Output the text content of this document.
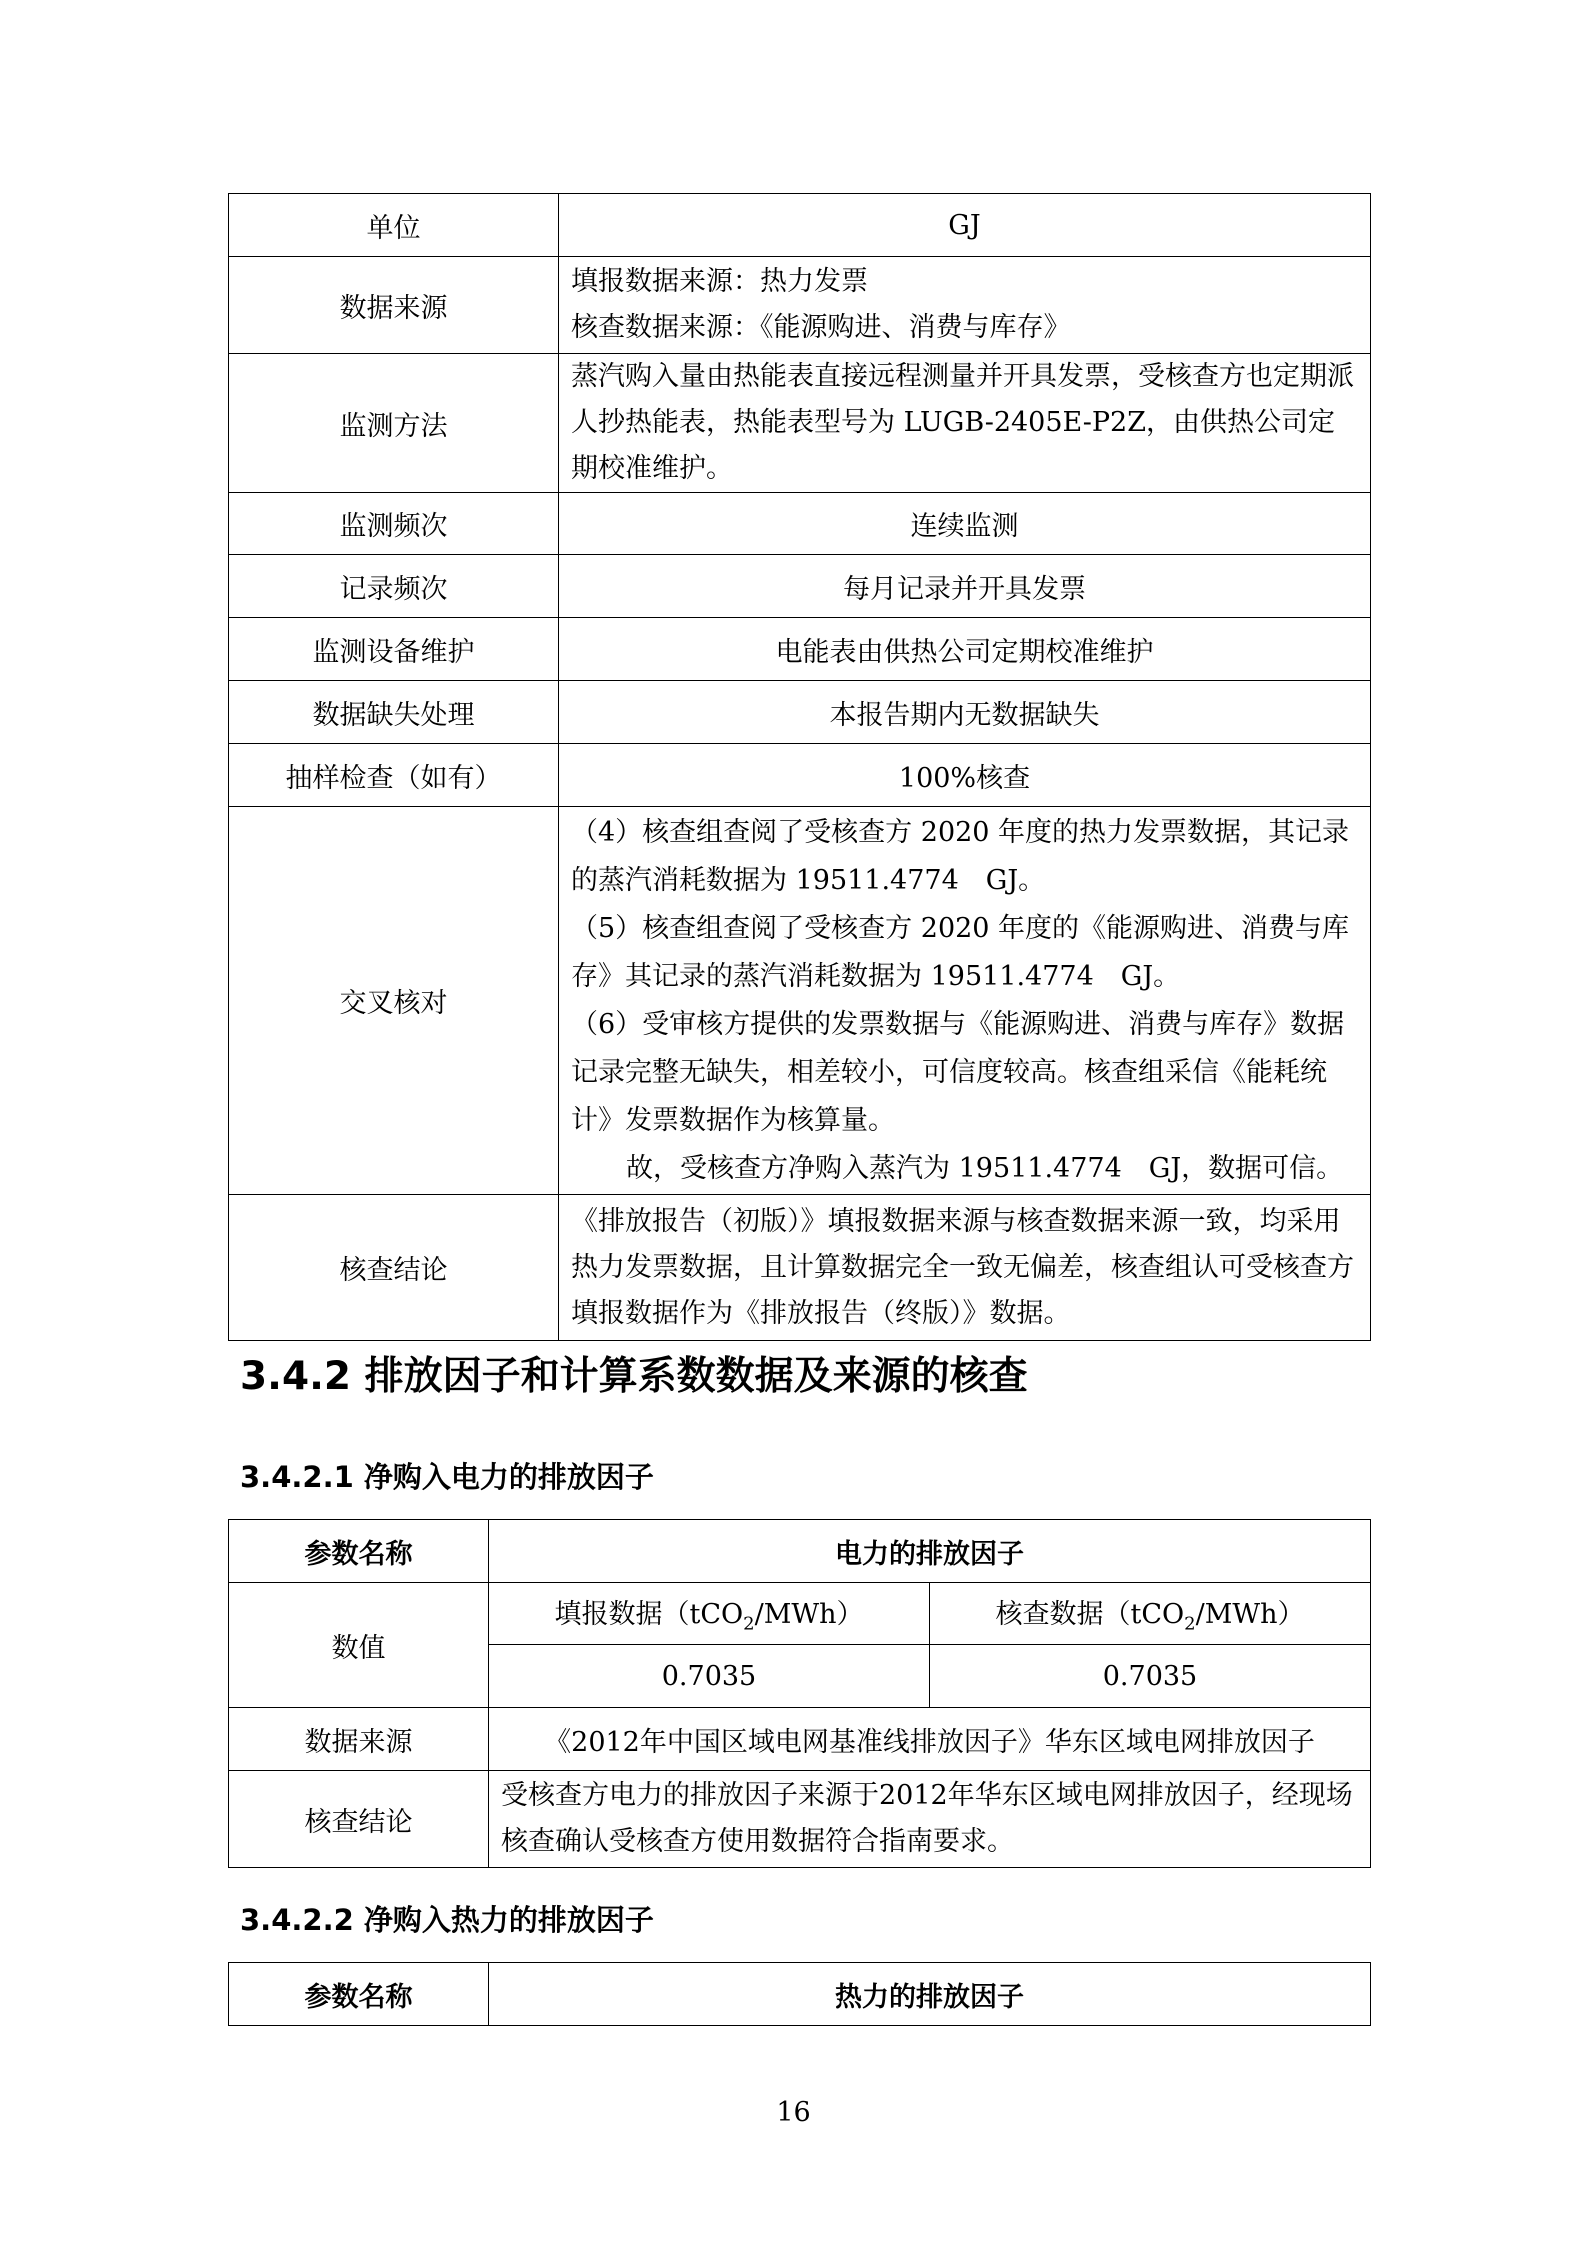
单位	GJ
数据来源	填报数据来源：热力发票

核查数据来源：《能源购进、消费与库存》

监测方法	蒸汽购入量由热能表直接远程测量并开具发票，受核查方也定期派人抄热能表，热能表型号为 LUGB-2405E-P2Z，由供热公司定期校准维护。
监测频次	连续监测
记录频次	每月记录并开具发票
监测设备维护	电能表由供热公司定期校准维护
数据缺失处理	本报告期内无数据缺失
抽样检查（如有）	100%核查
交叉核对	（4）核查组查阅了受核查方 2020 年度的热力发票数据，其记录的蒸汽消耗数据为 19511.4774　GJ。

（5）核查组查阅了受核查方 2020 年度的《能源购进、消费与库存》其记录的蒸汽消耗数据为 19511.4774　GJ。

（6）受审核方提供的发票数据与《能源购进、消费与库存》数据记录完整无缺失，相差较小，可信度较高。核查组采信《能耗统计》发票数据作为核算量。

故，受核查方净购入蒸汽为 19511.4774　GJ，数据可信。

核查结论	《排放报告（初版）》填报数据来源与核查数据来源一致，均采用热力发票数据，且计算数据完全一致无偏差，核查组认可受核查方填报数据作为《排放报告（终版）》数据。
3.4.2 排放因子和计算系数数据及来源的核查
3.4.2.1 净购入电力的排放因子
参数名称	电力的排放因子	
数值	填报数据（tCO$_2$/MWh）	核查数据（tCO$_2$/MWh）
	0.7035	0.7035
数据来源	《2012年中国区域电网基准线排放因子》华东区域电网排放因子	
核查结论	受核查方电力的排放因子来源于2012年华东区域电网排放因子，经现场核查确认受核查方使用数据符合指南要求。	
3.4.2.2 净购入热力的排放因子
参数名称	热力的排放因子
16
